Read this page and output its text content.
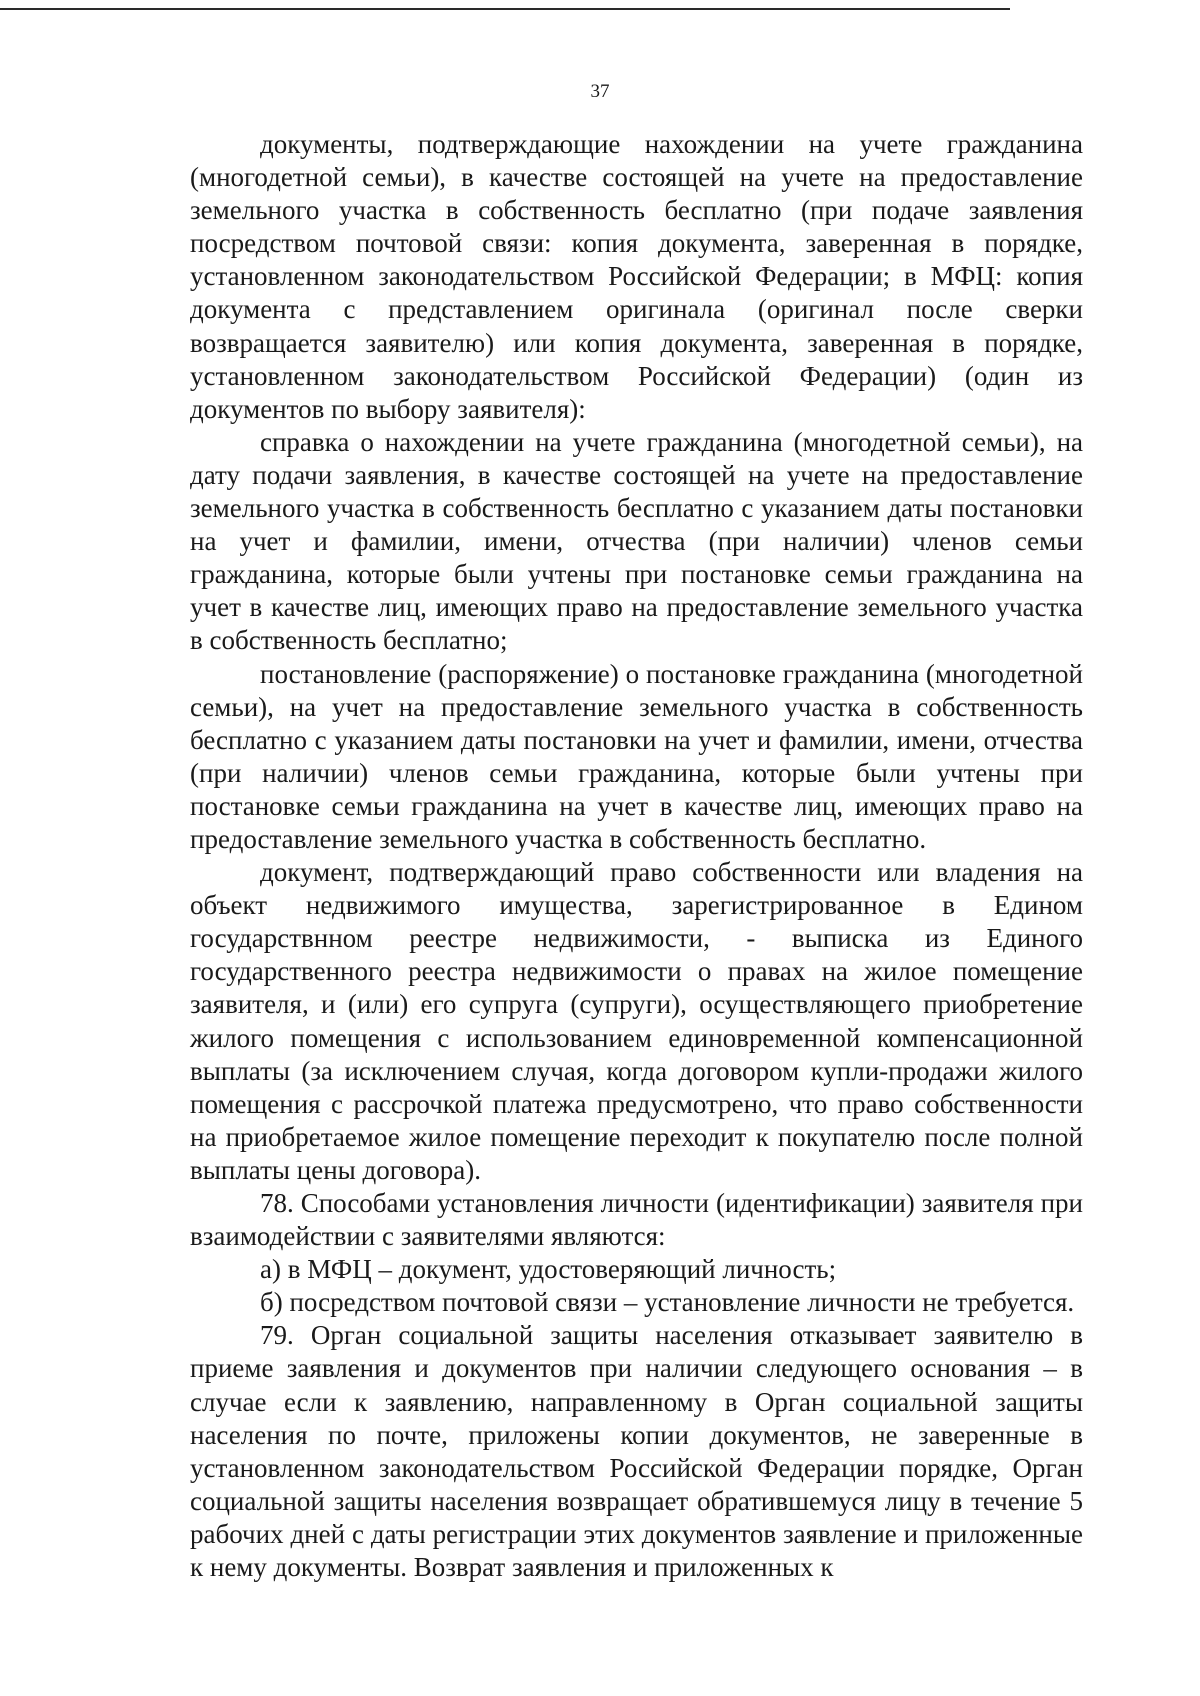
37

документы, подтверждающие нахождении на учете гражданина (многодетной семьи), в качестве состоящей на учете на предоставление земельного участка в собственность бесплатно (при подаче заявления посредством почтовой связи: копия документа, заверенная в порядке, установленном законодательством Российской Федерации; в МФЦ: копия документа с представлением оригинала (оригинал после сверки возвращается заявителю) или копия документа, заверенная в порядке, установленном законодательством Российской Федерации) (один из документов по выбору заявителя):

справка о нахождении на учете гражданина (многодетной семьи), на дату подачи заявления, в качестве состоящей на учете на предоставление земельного участка в собственность бесплатно с указанием даты постановки на учет и фамилии, имени, отчества (при наличии) членов семьи гражданина, которые были учтены при постановке семьи гражданина на учет в качестве лиц, имеющих право на предоставление земельного участка в собственность бесплатно;

постановление (распоряжение) о постановке гражданина (многодетной семьи), на учет на предоставление земельного участка в собственность бесплатно с указанием даты постановки на учет и фамилии, имени, отчества (при наличии) членов семьи гражданина, которые были учтены при постановке семьи гражданина на учет в качестве лиц, имеющих право на предоставление земельного участка в собственность бесплатно.

документ, подтверждающий право собственности или владения на объект недвижимого имущества, зарегистрированное в Едином государствнном реестре недвижимости, - выписка из Единого государственного реестра недвижимости о правах на жилое помещение заявителя, и (или) его супруга (супруги), осуществляющего приобретение жилого помещения с использованием единовременной компенсационной выплаты (за исключением случая, когда договором купли-продажи жилого помещения с рассрочкой платежа предусмотрено, что право собственности на приобретаемое жилое помещение переходит к покупателю после полной выплаты цены договора).

78. Способами установления личности (идентификации) заявителя при взаимодействии с заявителями являются:

а) в МФЦ – документ, удостоверяющий личность;

б) посредством почтовой связи – установление личности не требуется.

79. Орган социальной защиты населения отказывает заявителю в приеме заявления и документов при наличии следующего основания – в случае если к заявлению, направленному в Орган социальной защиты населения по почте, приложены копии документов, не заверенные в установленном законодательством Российской Федерации порядке, Орган социальной защиты населения возвращает обратившемуся лицу в течение 5 рабочих дней с даты регистрации этих документов заявление и приложенные к нему документы. Возврат заявления и приложенных к
